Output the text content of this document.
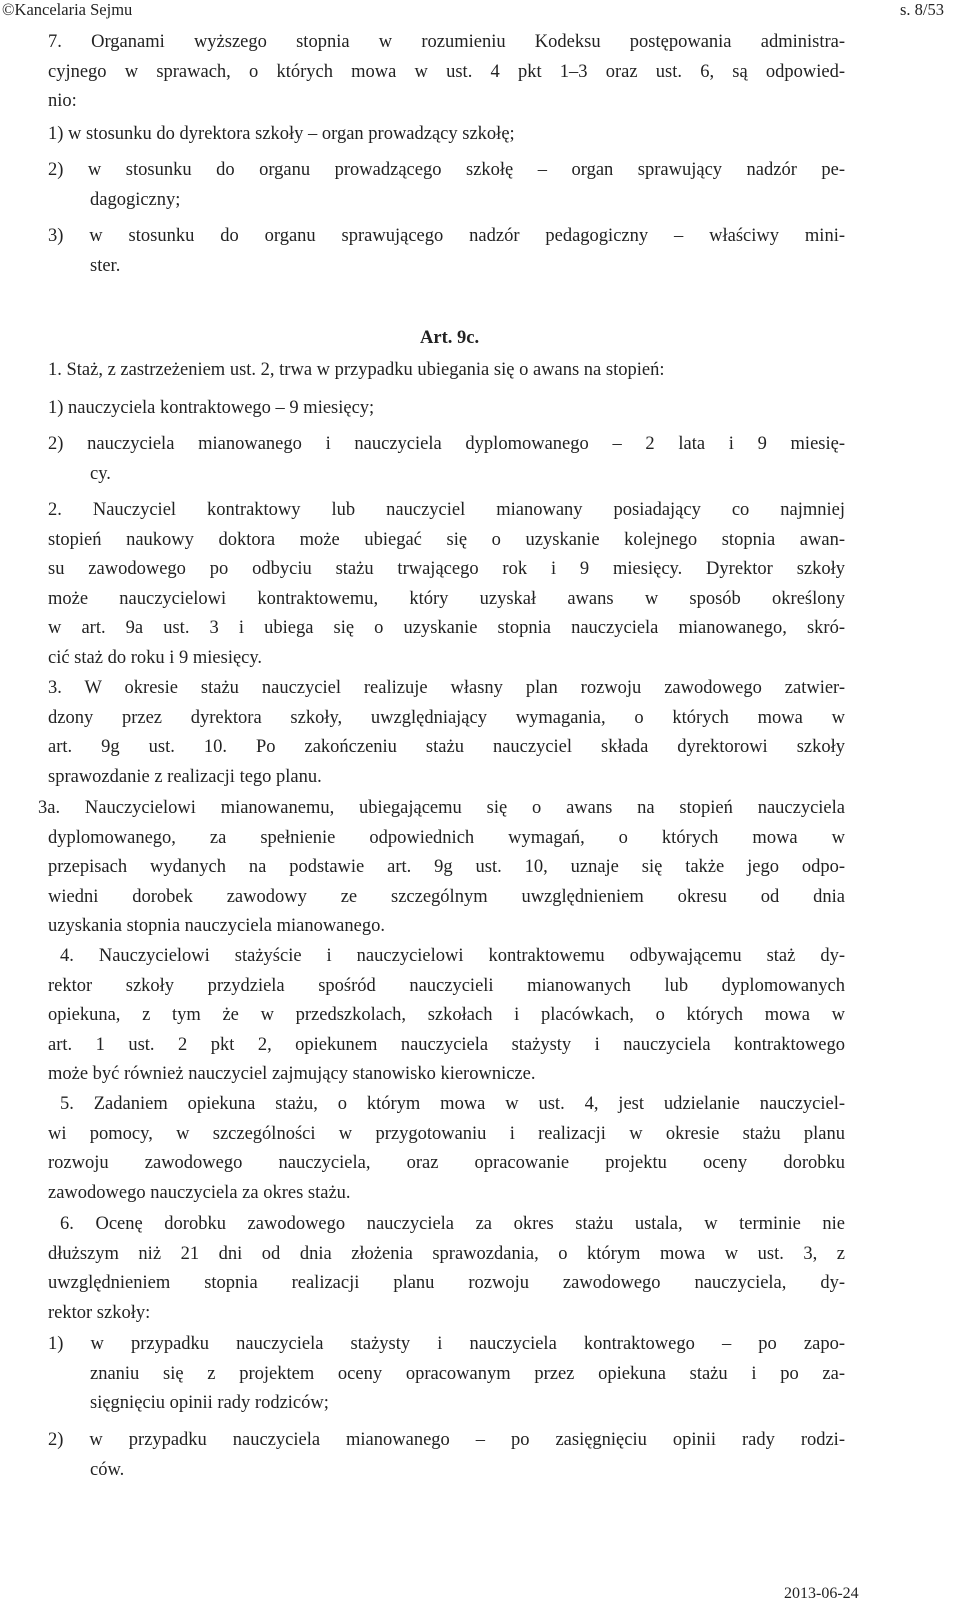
©Kancelaria Sejmu	s. 8/53
7. Organami wyższego stopnia w rozumieniu Kodeksu postępowania administra-
cyjnego w sprawach, o których mowa w ust. 4 pkt 1–3 oraz ust. 6, są odpowied-
nio:
1) w stosunku do dyrektora szkoły – organ prowadzący szkołę;
2) w stosunku do organu prowadzącego szkołę – organ sprawujący nadzór pe-
dagogiczny;
3) w stosunku do organu sprawującego nadzór pedagogiczny – właściwy mini-
ster.
Art. 9c.
1. Staż, z zastrzeżeniem ust. 2, trwa w przypadku ubiegania się o awans na stopień:
1) nauczyciela kontraktowego – 9 miesięcy;
2) nauczyciela mianowanego i nauczyciela dyplomowanego – 2 lata i 9 miesię-
cy.
2. Nauczyciel kontraktowy lub nauczyciel mianowany posiadający co najmniej
stopień naukowy doktora może ubiegać się o uzyskanie kolejnego stopnia awan-
su zawodowego po odbyciu stażu trwającego rok i 9 miesięcy. Dyrektor szkoły
może nauczycielowi kontraktowemu, który uzyskał awans w sposób określony
w art. 9a ust. 3 i ubiega się o uzyskanie stopnia nauczyciela mianowanego, skró-
cić staż do roku i 9 miesięcy.
3. W okresie stażu nauczyciel realizuje własny plan rozwoju zawodowego zatwier-
dzony przez dyrektora szkoły, uwzględniający wymagania, o których mowa w
art. 9g ust. 10. Po zakończeniu stażu nauczyciel składa dyrektorowi szkoły
sprawozdanie z realizacji tego planu.
3a. Nauczycielowi mianowanemu, ubiegającemu się o awans na stopień nauczyciela
dyplomowanego, za spełnienie odpowiednich wymagań, o których mowa w
przepisach wydanych na podstawie art. 9g ust. 10, uznaje się także jego odpo-
wiedni dorobek zawodowy ze szczególnym uwzględnieniem okresu od dnia
uzyskania stopnia nauczyciela mianowanego.
4. Nauczycielowi stażyście i nauczycielowi kontraktowemu odbywającemu staż dy-
rektor szkoły przydziela spośród nauczycieli mianowanych lub dyplomowanych
opiekuna, z tym że w przedszkolach, szkołach i placówkach, o których mowa w
art. 1 ust. 2 pkt 2, opiekunem nauczyciela stażysty i nauczyciela kontraktowego
może być również nauczyciel zajmujący stanowisko kierownicze.
5. Zadaniem opiekuna stażu, o którym mowa w ust. 4, jest udzielanie nauczyciel-
wi pomocy, w szczególności w przygotowaniu i realizacji w okresie stażu planu
rozwoju zawodowego nauczyciela, oraz opracowanie projektu oceny dorobku
zawodowego nauczyciela za okres stażu.
6. Ocenę dorobku zawodowego nauczyciela za okres stażu ustala, w terminie nie
dłuższym niż 21 dni od dnia złożenia sprawozdania, o którym mowa w ust. 3, z
uwzględnieniem stopnia realizacji planu rozwoju zawodowego nauczyciela, dy-
rektor szkoły:
1) w przypadku nauczyciela stażysty i nauczyciela kontraktowego – po zapo-
znaniu się z projektem oceny opracowanym przez opiekuna stażu i po za-
sięgnięciu opinii rady rodziców;
2) w przypadku nauczyciela mianowanego – po zasięgnięciu opinii rady rodzi-
ców.
2013-06-24
